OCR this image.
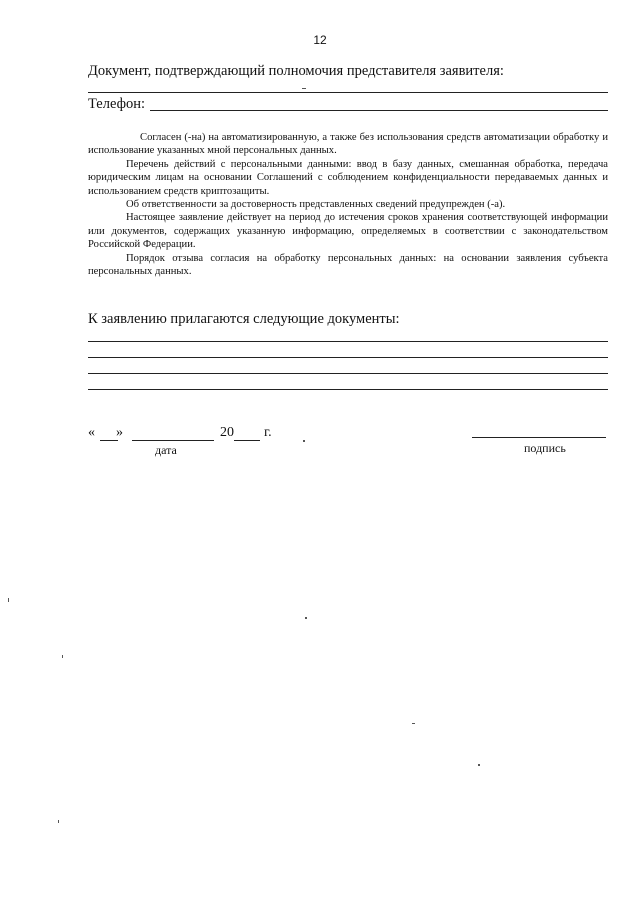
12
Документ, подтверждающий полномочия представителя заявителя:
Телефон:

Согласен (-на) на автоматизированную, а также без использования средств автоматизации обработку и использование указанных мной персональных данных.

Перечень действий с персональными данными: ввод в базу данных, смешанная обработка, передача юридическим лицам на основании Соглашений с соблюдением конфиденциальности передаваемых данных и использованием средств криптозащиты.

Об ответственности за достоверность представленных сведений предупрежден (-а).

Настоящее заявление действует на период до истечения сроков хранения соответствующей информации или документов, содержащих указанную информацию, определяемых в соответствии с законодательством Российской Федерации.

Порядок отзыва согласия на обработку персональных данных: на основании заявления субъекта персональных данных.

К заявлению прилагаются следующие документы:
« »	20 г.
дата	подпись
